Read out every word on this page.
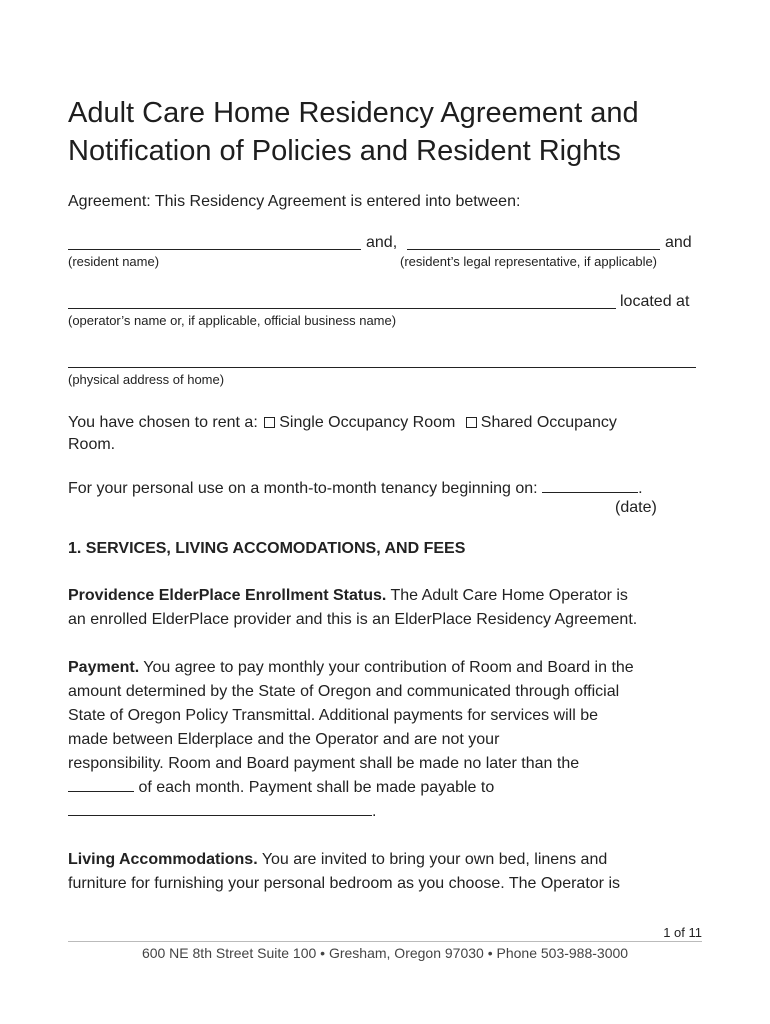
Adult Care Home Residency Agreement and Notification of Policies and Resident Rights
Agreement: This Residency Agreement is entered into between:
and,	and
(resident name)	(resident’s legal representative, if applicable)
located at
(operator’s name or, if applicable, official business name)
(physical address of home)
You have chosen to rent a: Single Occupancy Room Shared Occupancy
Room.
For your personal use on a month-to-month tenancy beginning on:	.
(date)
1. SERVICES, LIVING ACCOMODATIONS, AND FEES
Providence ElderPlace Enrollment Status. The Adult Care Home Operator is
an enrolled ElderPlace provider and this is an ElderPlace Residency Agreement.
Payment. You agree to pay monthly your contribution of Room and Board in the
amount determined by the State of Oregon and communicated through official
State of Oregon Policy Transmittal. Additional payments for services will be
made between Elderplace and the Operator and are not your
responsibility. Room and Board payment shall be made no later than the
of each month. Payment shall be made payable to
.
Living Accommodations. You are invited to bring your own bed, linens and
furniture for furnishing your personal bedroom as you choose. The Operator is
1 of 11
600 NE 8th Street Suite 100 • Gresham, Oregon 97030 • Phone 503-988-3000
